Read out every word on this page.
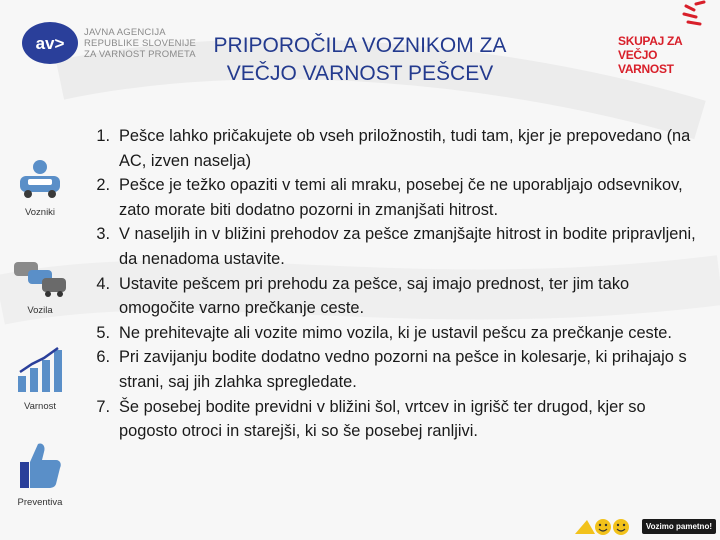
av>
JAVNA AGENCIJA
REPUBLIKE SLOVENIJE
ZA VARNOST PROMETA PRIPOROČILA VOZNIKOM ZA
VEČJO VARNOST PEŠCEV
SKUPAJ ZA
VEČJO VARNOST
Vozniki
Vozila
Varnost
Preventiva
1. Pešce lahko pričakujete ob vseh priložnostih, tudi tam, kjer je prepovedano (na AC, izven naselja)
2. Pešce je težko opaziti v temi ali mraku, posebej če ne uporabljajo odsevnikov, zato morate biti dodatno pozorni in zmanjšati hitrost.
3. V naseljih in v bližini prehodov za pešce zmanjšajte hitrost in bodite pripravljeni, da nenadoma ustavite.
4. Ustavite pešcem pri prehodu za pešce, saj imajo prednost, ter jim tako omogočite varno prečkanje ceste.
5. Ne prehitevajte ali vozite mimo vozila, ki je ustavil pešcu za prečkanje ceste.
6. Pri zavijanju bodite dodatno vedno pozorni na pešce in kolesarje, ki prihajajo s strani, saj jih zlahka spregledate.
7. Še posebej bodite previdni v bližini šol, vrtcev in igrišč ter drugod, kjer so pogosto otroci in starejši, ki so še posebej ranljivi.
Vozimo pametno!
